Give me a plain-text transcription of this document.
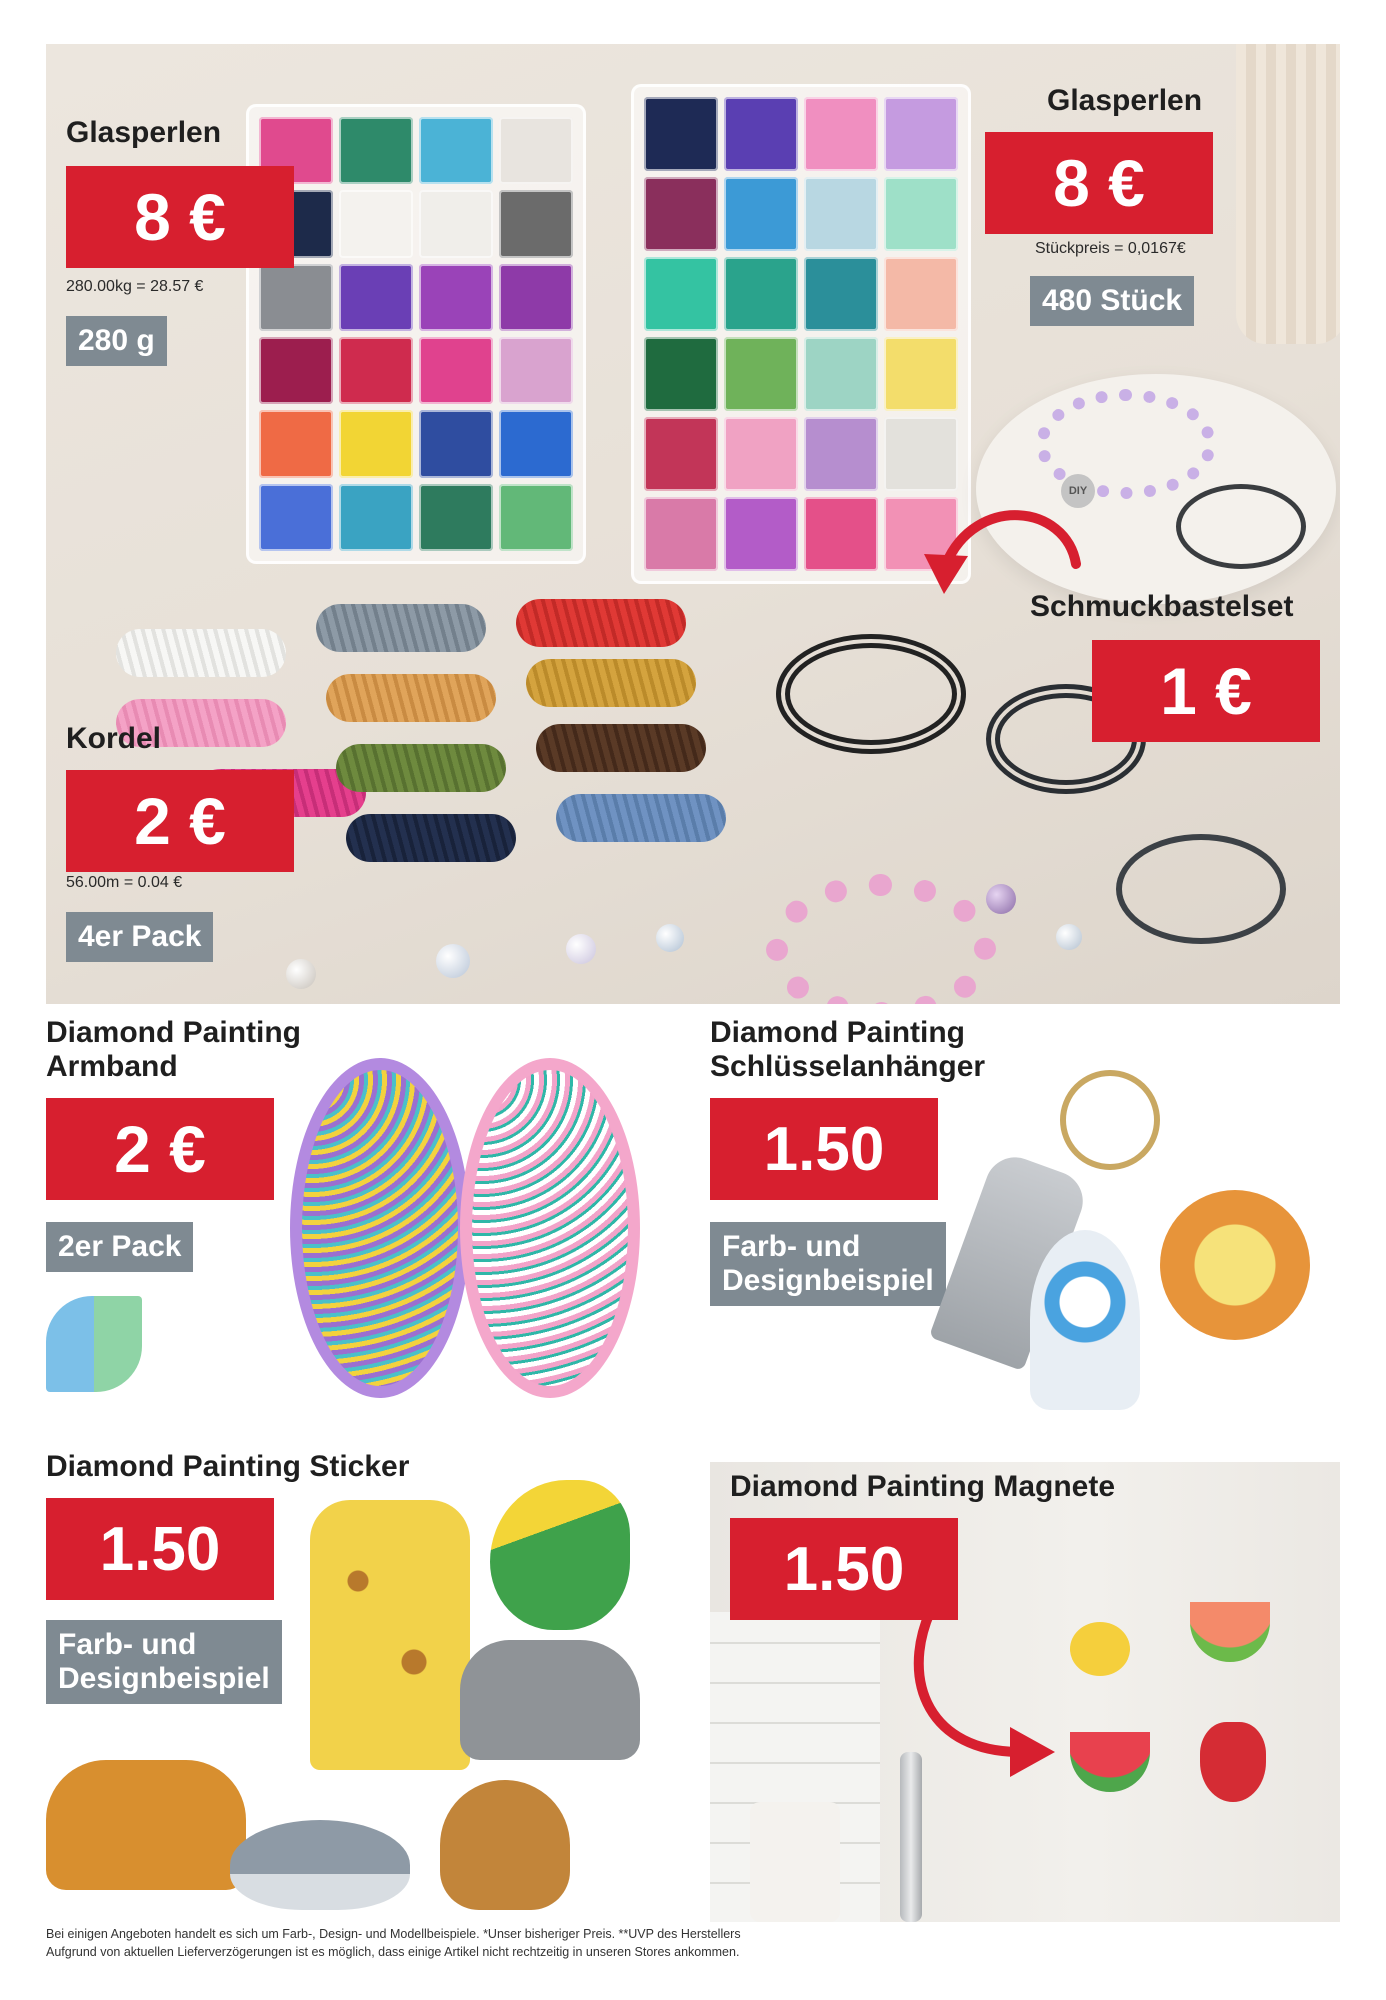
DIY
Glasperlen
8 €
280.00kg = 28.57 €
280 g
Glasperlen
8 €
Stückpreis = 0,0167€
480 Stück
Schmuckbastelset
1 €
Kordel
2 €
56.00m = 0.04 €
4er Pack
Diamond Painting
Armband
2 €
2er Pack
Diamond Painting
Schlüsselanhänger
1.50
Farb- und
Designbeispiel
Diamond Painting Sticker
1.50
Farb- und
Designbeispiel
Diamond Painting Magnete
1.50
Bei einigen Angeboten handelt es sich um Farb-, Design- und Modellbeispiele. *Unser bisheriger Preis. **UVP des Herstellers
Aufgrund von aktuellen Lieferverzögerungen ist es möglich, dass einige Artikel nicht rechtzeitig in unseren Stores ankommen.
